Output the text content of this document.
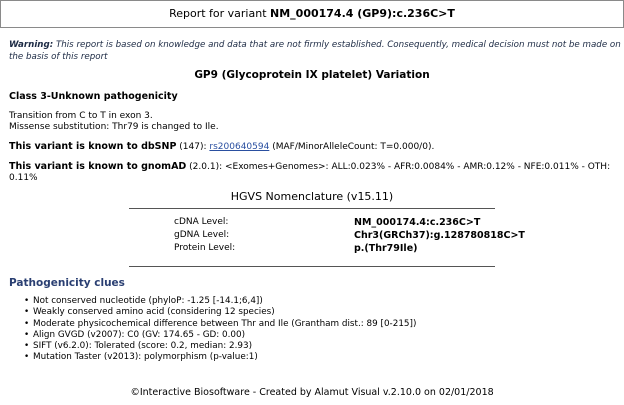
Report for variant NM_000174.4 (GP9):c.236C>T
Warning: This report is based on knowledge and data that are not firmly established. Consequently, medical decision must not be made on the basis of this report
GP9 (Glycoprotein IX platelet) Variation
Class 3-Unknown pathogenicity
Transition from C to T in exon 3.
Missense substitution: Thr79 is changed to Ile.
This variant is known to dbSNP (147): rs200640594 (MAF/MinorAlleleCount: T=0.000/0).
This variant is known to gnomAD (2.0.1): <Exomes+Genomes>: ALL:0.023% - AFR:0.0084% - AMR:0.12% - NFE:0.011% - OTH: 0.11%
HGVS Nomenclature (v15.11)
cDNA Level:	NM_000174.4:c.236C>T
gDNA Level:	Chr3(GRCh37):g.128780818C>T
Protein Level:	p.(Thr79Ile)
Pathogenicity clues
• Not conserved nucleotide (phyloP: -1.25 [-14.1;6,4])
• Weakly conserved amino acid (considering 12 species)
• Moderate physicochemical difference between Thr and Ile (Grantham dist.: 89 [0-215])
• Align GVGD (v2007): C0 (GV: 174.65 - GD: 0.00)
• SIFT (v6.2.0): Tolerated (score: 0.2, median: 2.93)
• Mutation Taster (v2013): polymorphism (p-value:1)
©Interactive Biosoftware - Created by Alamut Visual v.2.10.0 on 02/01/2018
